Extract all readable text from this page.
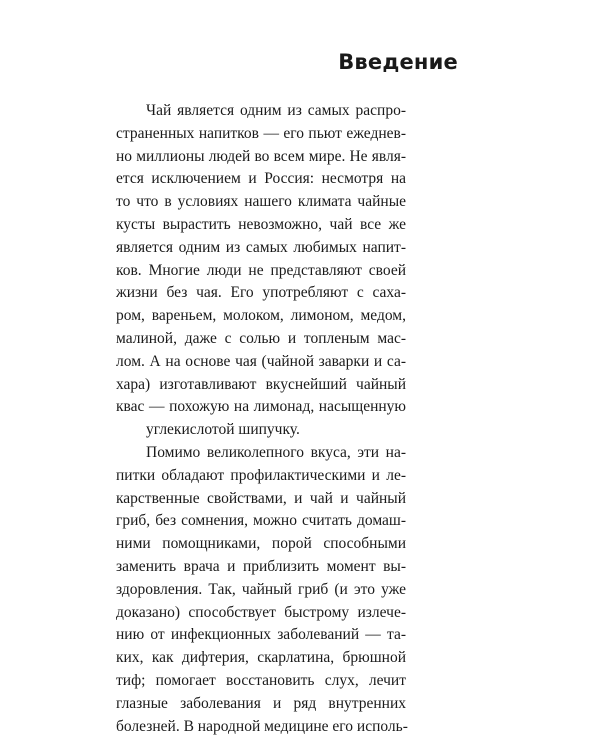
Введение
Чай является одним из самых распро-
страненных напитков — его пьют ежеднев-
но миллионы людей во всем мире. Не явля-
ется исключением и Россия: несмотря на
то что в условиях нашего климата чайные
кусты вырастить невозможно, чай все же
является одним из самых любимых напит-
ков. Многие люди не представляют своей
жизни без чая. Его употребляют с саха-
ром, вареньем, молоком, лимоном, медом,
малиной, даже с солью и топленым мас-
лом. А на основе чая (чайной заварки и са-
хара) изготавливают вкуснейший чайный
квас — похожую на лимонад, насыщенную
углекислотой шипучку.
Помимо великолепного вкуса, эти на-
питки обладают профилактическими и ле-
карственные свойствами, и чай и чайный
гриб, без сомнения, можно считать домаш-
ними помощниками, порой способными
заменить врача и приблизить момент вы-
здоровления. Так, чайный гриб (и это уже
доказано) способствует быстрому излече-
нию от инфекционных заболеваний — та-
ких, как дифтерия, скарлатина, брюшной
тиф; помогает восстановить слух, лечит
глазные заболевания и ряд внутренних
болезней. В народной медицине его исполь-
